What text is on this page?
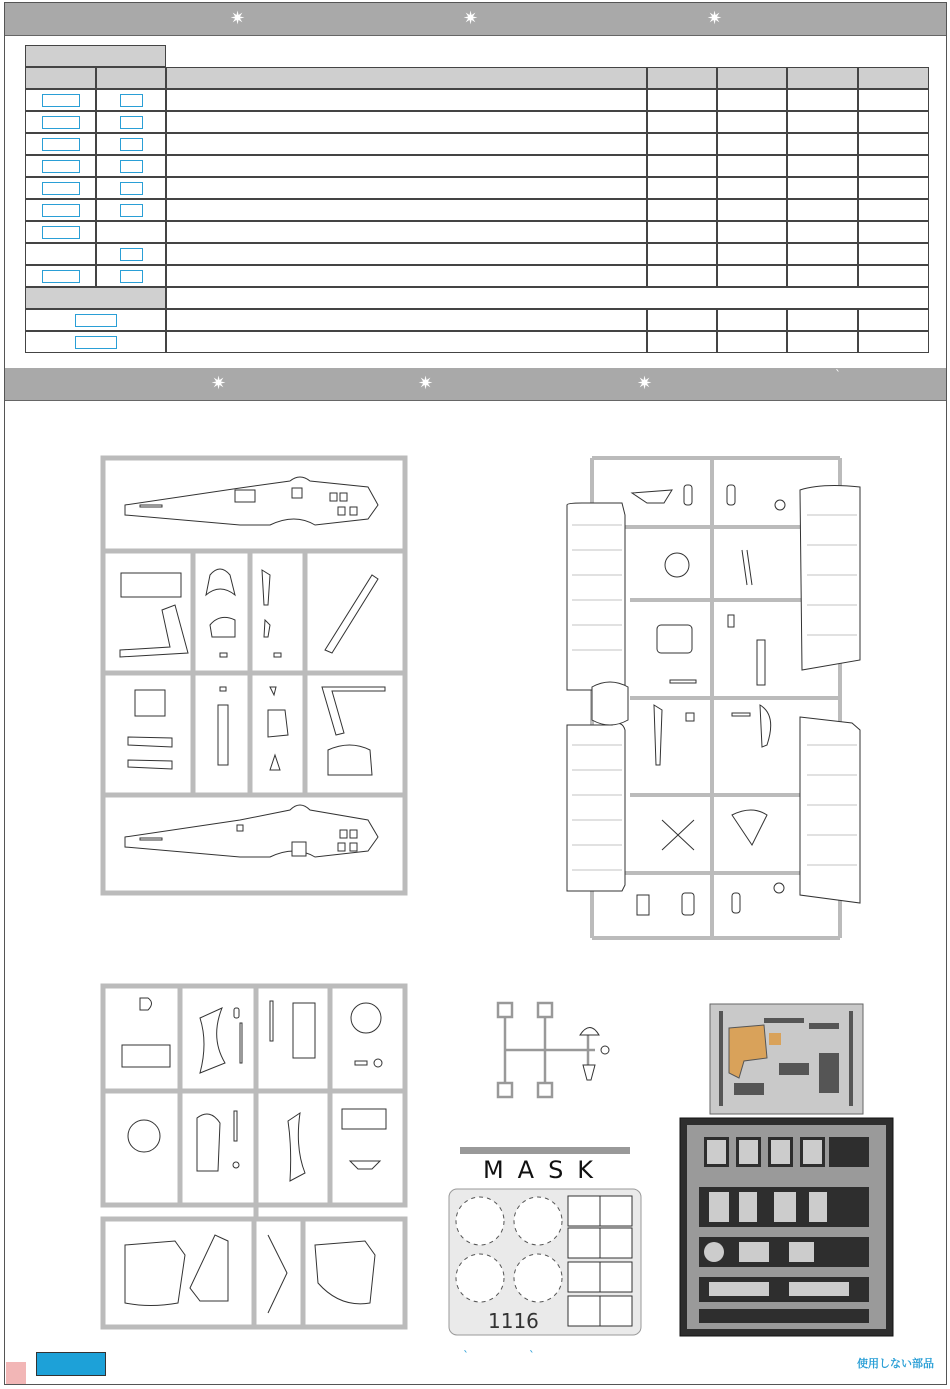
✷	✷	✷
✷	✷	✷	`
MASK
1116
` `
使用しない部品
